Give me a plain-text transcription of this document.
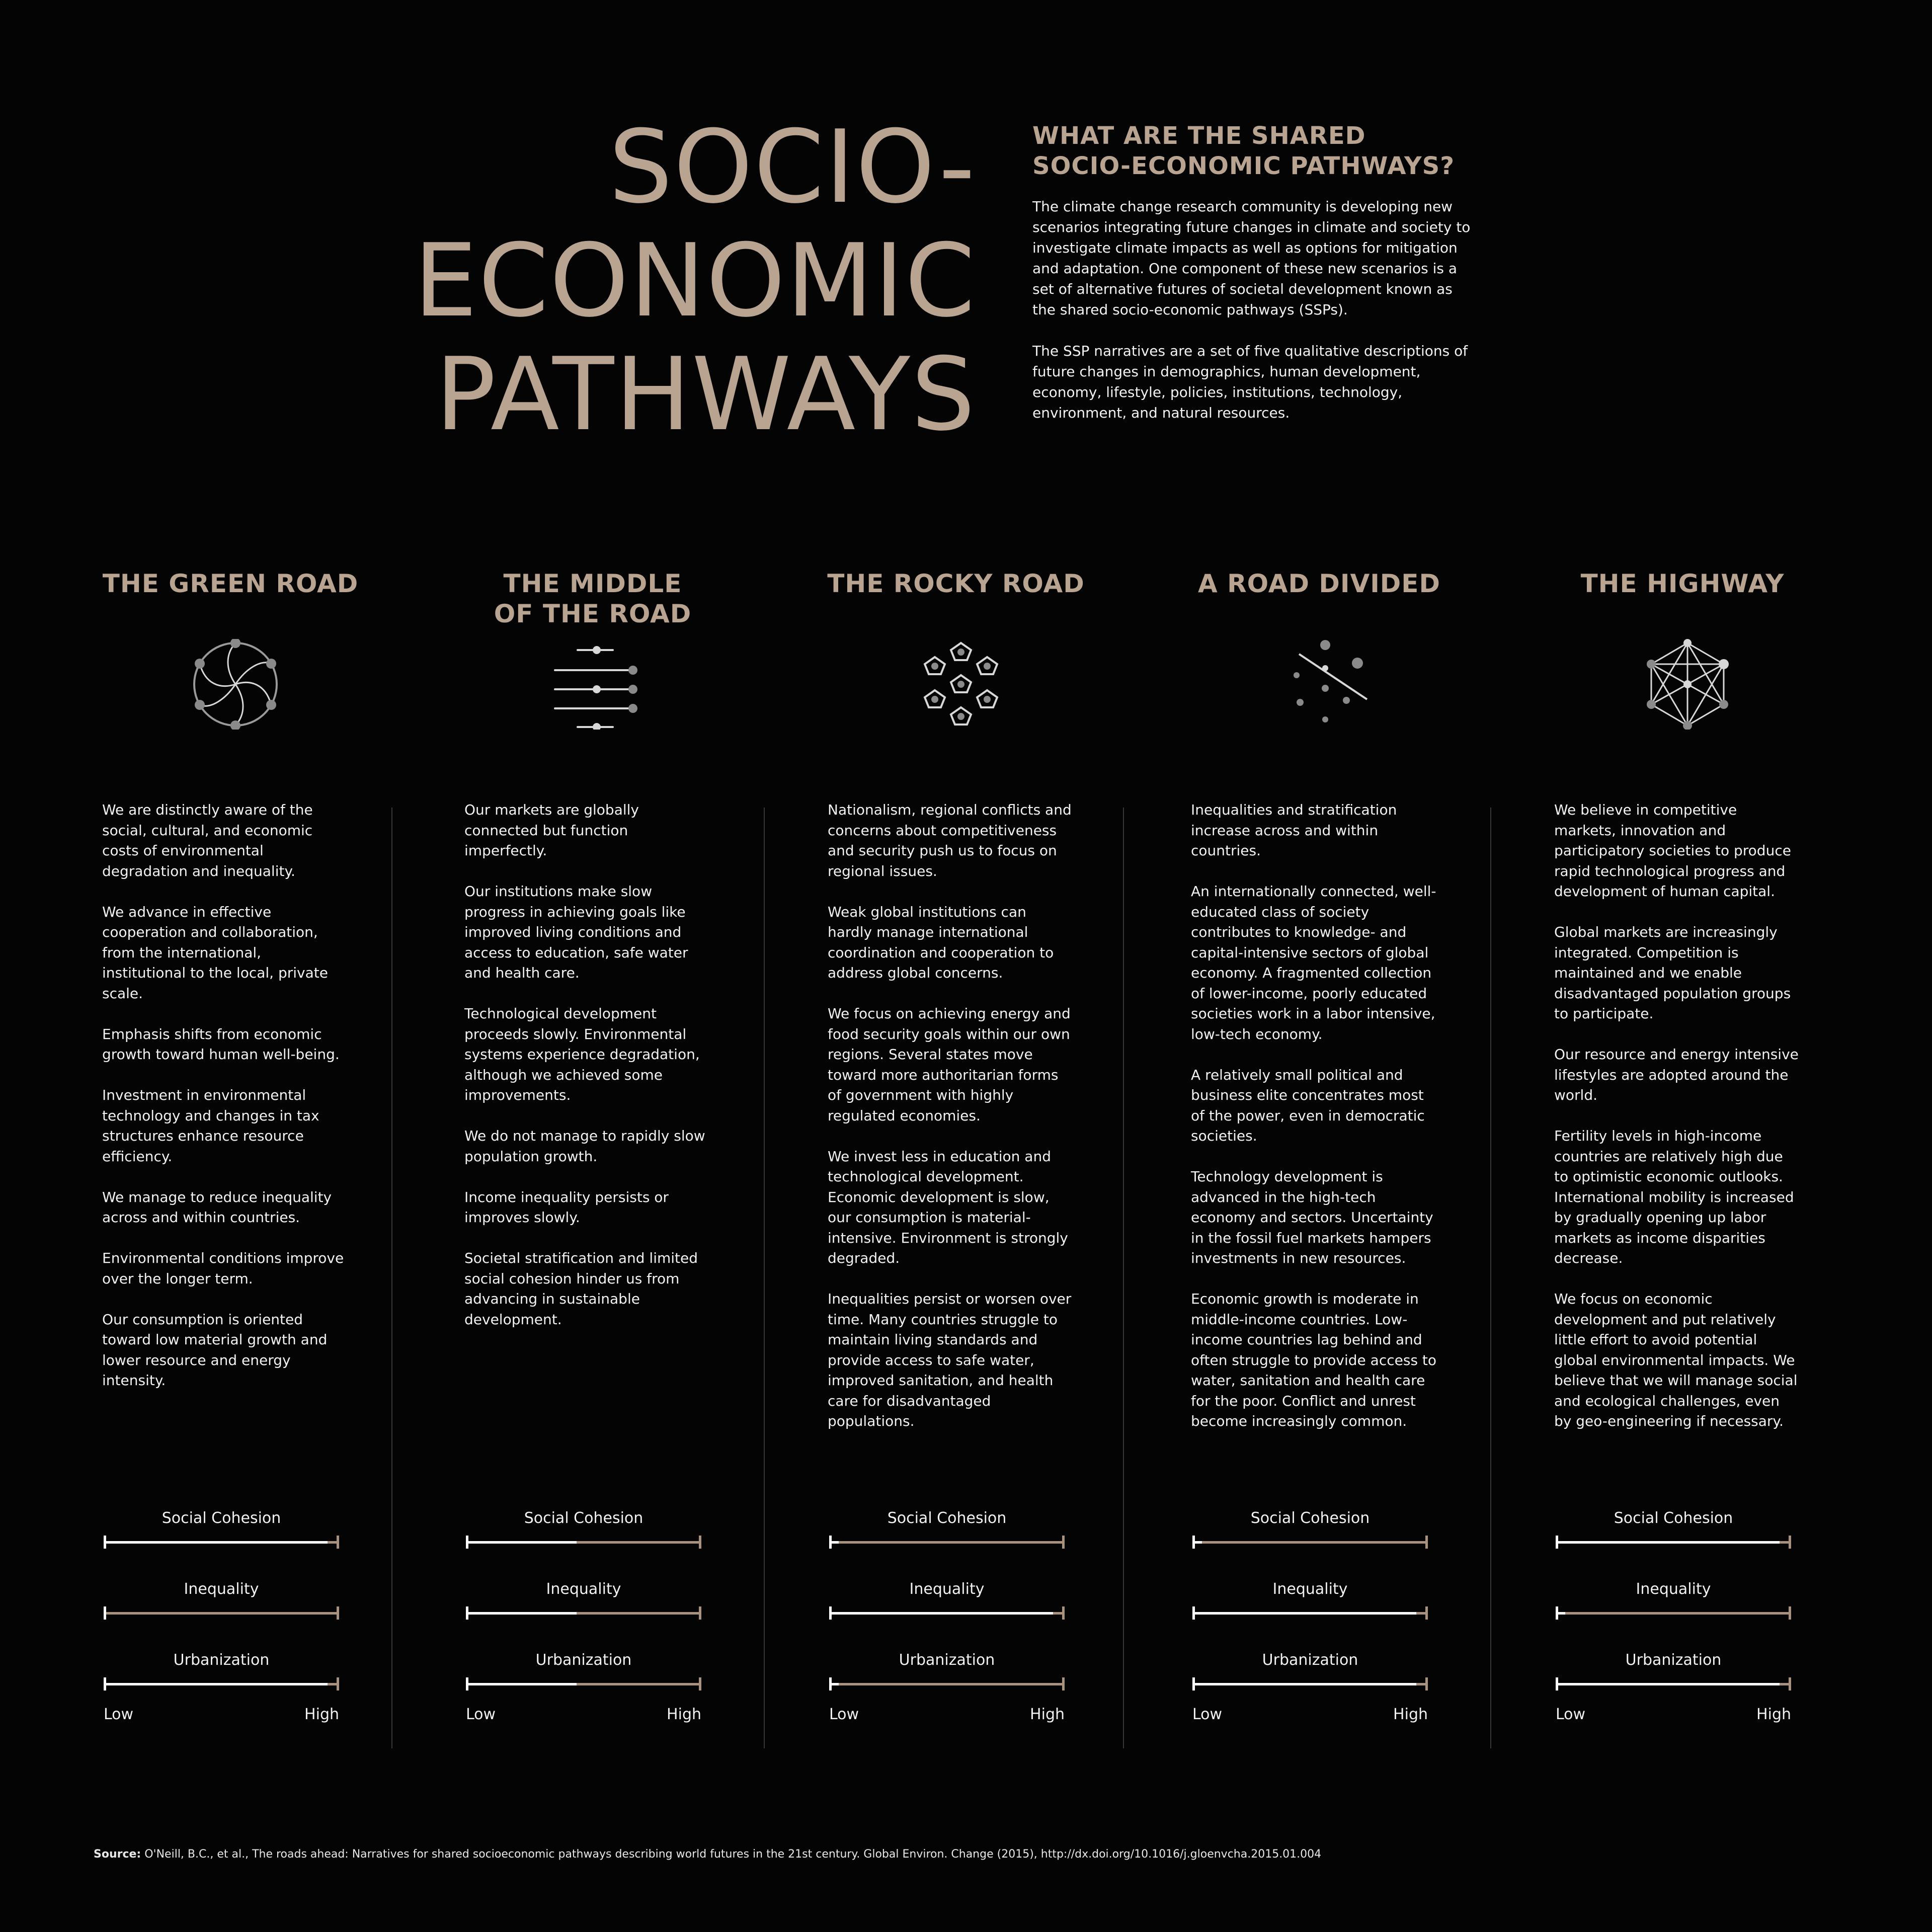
SOCIO-
ECONOMIC
PATHWAYS
WHAT ARE THE SHARED
SOCIO-ECONOMIC PATHWAYS?

The climate change research community is developing new scenarios integrating future changes in climate and society to investigate climate impacts as well as options for mitigation and adaptation. One component of these new scenarios is a set of alternative futures of societal development known as the shared socio-economic pathways (SSPs).

The SSP narratives are a set of five qualitative descriptions of future changes in demographics, human development, economy, lifestyle, policies, institutions, technology, environment, and natural resources.

THE GREEN ROAD

We are distinctly aware of the social, cultural, and economic costs of environmental degradation and inequality.

We advance in effective cooperation and collaboration, from the international, institutional to the local, private scale.

Emphasis shifts from economic growth toward human well-being.

Investment in environmental technology and changes in tax structures enhance resource efficiency.

We manage to reduce inequality across and within countries.

Environmental conditions improve over the longer term.

Our consumption is oriented toward low material growth and lower resource and energy intensity.

Social Cohesion
Inequality
Urbanization
Low	High
THE MIDDLE OF THE ROAD

Our markets are globally connected but function imperfectly.

Our institutions make slow progress in achieving goals like improved living conditions and access to education, safe water and health care.

Technological development proceeds slowly. Environmental systems experience degradation, although we achieved some improvements.

We do not manage to rapidly slow population growth.

Income inequality persists or improves slowly.

Societal stratification and limited social cohesion hinder us from advancing in sustainable development.

Social Cohesion
Inequality
Urbanization
Low	High
THE ROCKY ROAD

Nationalism, regional conflicts and concerns about competitiveness and security push us to focus on regional issues.

Weak global institutions can hardly manage international coordination and cooperation to address global concerns.

We focus on achieving energy and food security goals within our own regions. Several states move toward more authoritarian forms of government with highly regulated economies.

We invest less in education and technological development. Economic development is slow, our consumption is material-intensive. Environment is strongly degraded.

Inequalities persist or worsen over time. Many countries struggle to maintain living standards and provide access to safe water, improved sanitation, and health care for disadvantaged populations.

Social Cohesion
Inequality
Urbanization
Low	High
A ROAD DIVIDED

Inequalities and stratification increase across and within countries.

An internationally connected, well-educated class of society contributes to knowledge- and capital-intensive sectors of global economy. A fragmented collection of lower-income, poorly educated societies work in a labor intensive, low-tech economy.

A relatively small political and business elite concentrates most of the power, even in democratic societies.

Technology development is advanced in the high-tech economy and sectors. Uncertainty in the fossil fuel markets hampers investments in new resources.

Economic growth is moderate in middle-income countries. Low-income countries lag behind and often struggle to provide access to water, sanitation and health care for the poor. Conflict and unrest become increasingly common.

Social Cohesion
Inequality
Urbanization
Low	High
THE HIGHWAY

We believe in competitive markets, innovation and participatory societies to produce rapid technological progress and development of human capital.

Global markets are increasingly integrated. Competition is maintained and we enable disadvantaged population groups to participate.

Our resource and energy intensive lifestyles are adopted around the world.

Fertility levels in high-income countries are relatively high due to optimistic economic outlooks. International mobility is increased by gradually opening up labor markets as income disparities decrease.

We focus on economic development and put relatively little effort to avoid potential global environmental impacts. We believe that we will manage social and ecological challenges, even by geo-engineering if necessary.

Social Cohesion
Inequality
Urbanization
Low	High
Source: O'Neill, B.C., et al., The roads ahead: Narratives for shared socioeconomic pathways describing world futures in the 21st century. Global Environ. Change (2015), http://dx.doi.org/10.1016/j.gloenvcha.2015.01.004
